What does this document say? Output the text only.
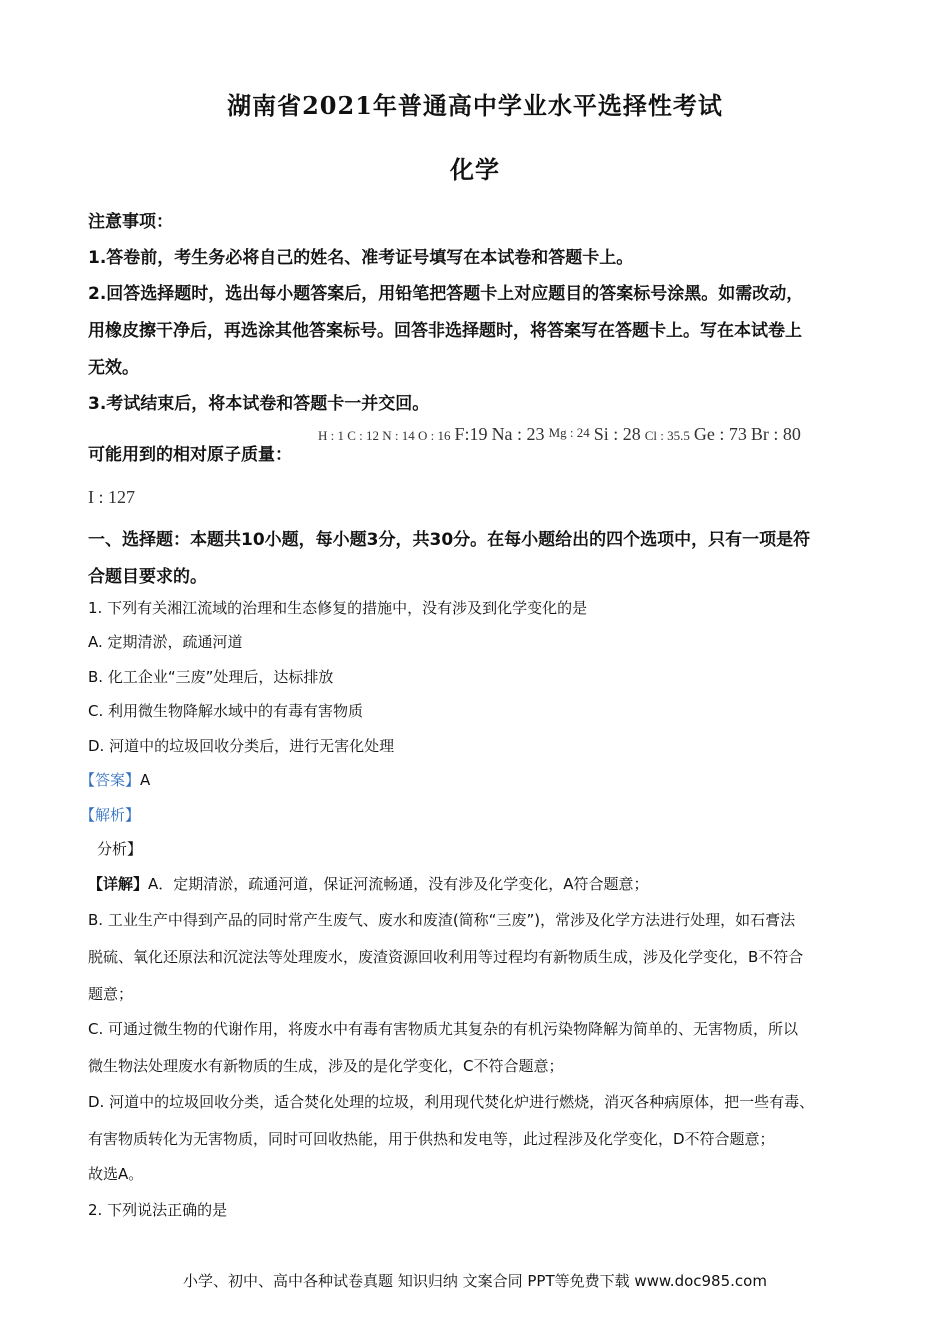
湖南省2021年普通高中学业水平选择性考试
化学
注意事项：
1.答卷前，考生务必将自己的姓名、准考证号填写在本试卷和答题卡上。
2.回答选择题时，选出每小题答案后，用铅笔把答题卡上对应题目的答案标号涂黑。如需改动，
用橡皮擦干净后，再选涂其他答案标号。回答非选择题时，将答案写在答题卡上。写在本试卷上
无效。
3.考试结束后，将本试卷和答题卡一并交回。
可能用到的相对原子质量：
H : 1 C : 12 N : 14 O : 16 F:19 Na : 23 Mg : 24 Si : 28 Cl : 35.5 Ge : 73 Br : 80
I : 127
一、选择题：本题共10小题，每小题3分，共30分。在每小题给出的四个选项中，只有一项是符
合题目要求的。
1. 下列有关湘江流域的治理和生态修复的措施中，没有涉及到化学变化的是
A. 定期清淤，疏通河道
B. 化工企业“三废”处理后，达标排放
C. 利用微生物降解水域中的有毒有害物质
D. 河道中的垃圾回收分类后，进行无害化处理
【答案】A
【解析】
分析】
【详解】A．定期清淤，疏通河道，保证河流畅通，没有涉及化学变化，A符合题意；
B. 工业生产中得到产品的同时常产生废气、废水和废渣(简称“三废”)，常涉及化学方法进行处理，如石膏法
脱硫、氧化还原法和沉淀法等处理废水，废渣资源回收利用等过程均有新物质生成，涉及化学变化，B不符合
题意；
C. 可通过微生物的代谢作用，将废水中有毒有害物质尤其复杂的有机污染物降解为简单的、无害物质，所以
微生物法处理废水有新物质的生成，涉及的是化学变化，C不符合题意；
D. 河道中的垃圾回收分类，适合焚化处理的垃圾，利用现代焚化炉进行燃烧，消灭各种病原体，把一些有毒、
有害物质转化为无害物质，同时可回收热能，用于供热和发电等，此过程涉及化学变化，D不符合题意；
故选A。
2. 下列说法正确的是
小学、初中、高中各种试卷真题 知识归纳 文案合同 PPT等免费下载 www.doc985.com
